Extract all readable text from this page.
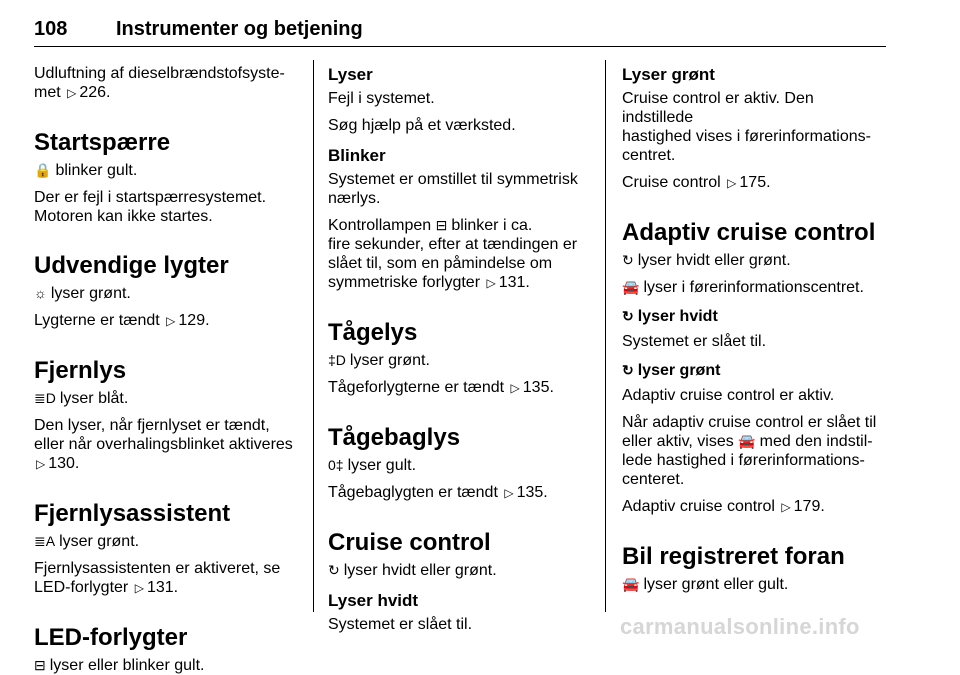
108 Instrumenter og betjening

Udluftning af dieselbrændstofsyste-

met ▷ 226.

Startspærre

🔒 blinker gult.

Der er fejl i startspærresystemet.

Motoren kan ikke startes.

Udvendige lygter

☼ lyser grønt.

Lygterne er tændt ▷ 129.

Fjernlys

≣D lyser blåt.

Den lyser, når fjernlyset er tændt,

eller når overhalingsblinket aktiveres

▷ 130.

Fjernlysassistent

≣A lyser grønt.

Fjernlysassistenten er aktiveret, se

LED-forlygter ▷ 131.

LED-forlygter

⊟ lyser eller blinker gult.

Lyser

Fejl i systemet.

Søg hjælp på et værksted.

Blinker

Systemet er omstillet til symmetrisk

nærlys.

Kontrollampen ⊟ blinker i ca.

fire sekunder, efter at tændingen er

slået til, som en påmindelse om

symmetriske forlygter ▷ 131.

Tågelys

‡D lyser grønt.

Tågeforlygterne er tændt ▷ 135.

Tågebaglys

0‡ lyser gult.

Tågebaglygten er tændt ▷ 135.

Cruise control

↻ lyser hvidt eller grønt.

Lyser hvidt

Systemet er slået til.

Lyser grønt

Cruise control er aktiv. Den indstillede

hastighed vises i førerinformations-

centret.

Cruise control ▷ 175.

Adaptiv cruise control

↻ lyser hvidt eller grønt.

🚘 lyser i førerinformationscentret.

↻ lyser hvidt

Systemet er slået til.

↻ lyser grønt

Adaptiv cruise control er aktiv.

Når adaptiv cruise control er slået til

eller aktiv, vises 🚘 med den indstil-

lede hastighed i førerinformations-

centeret.

Adaptiv cruise control ▷ 179.

Bil registreret foran

🚘 lyser grønt eller gult.

carmanualsonline.info
